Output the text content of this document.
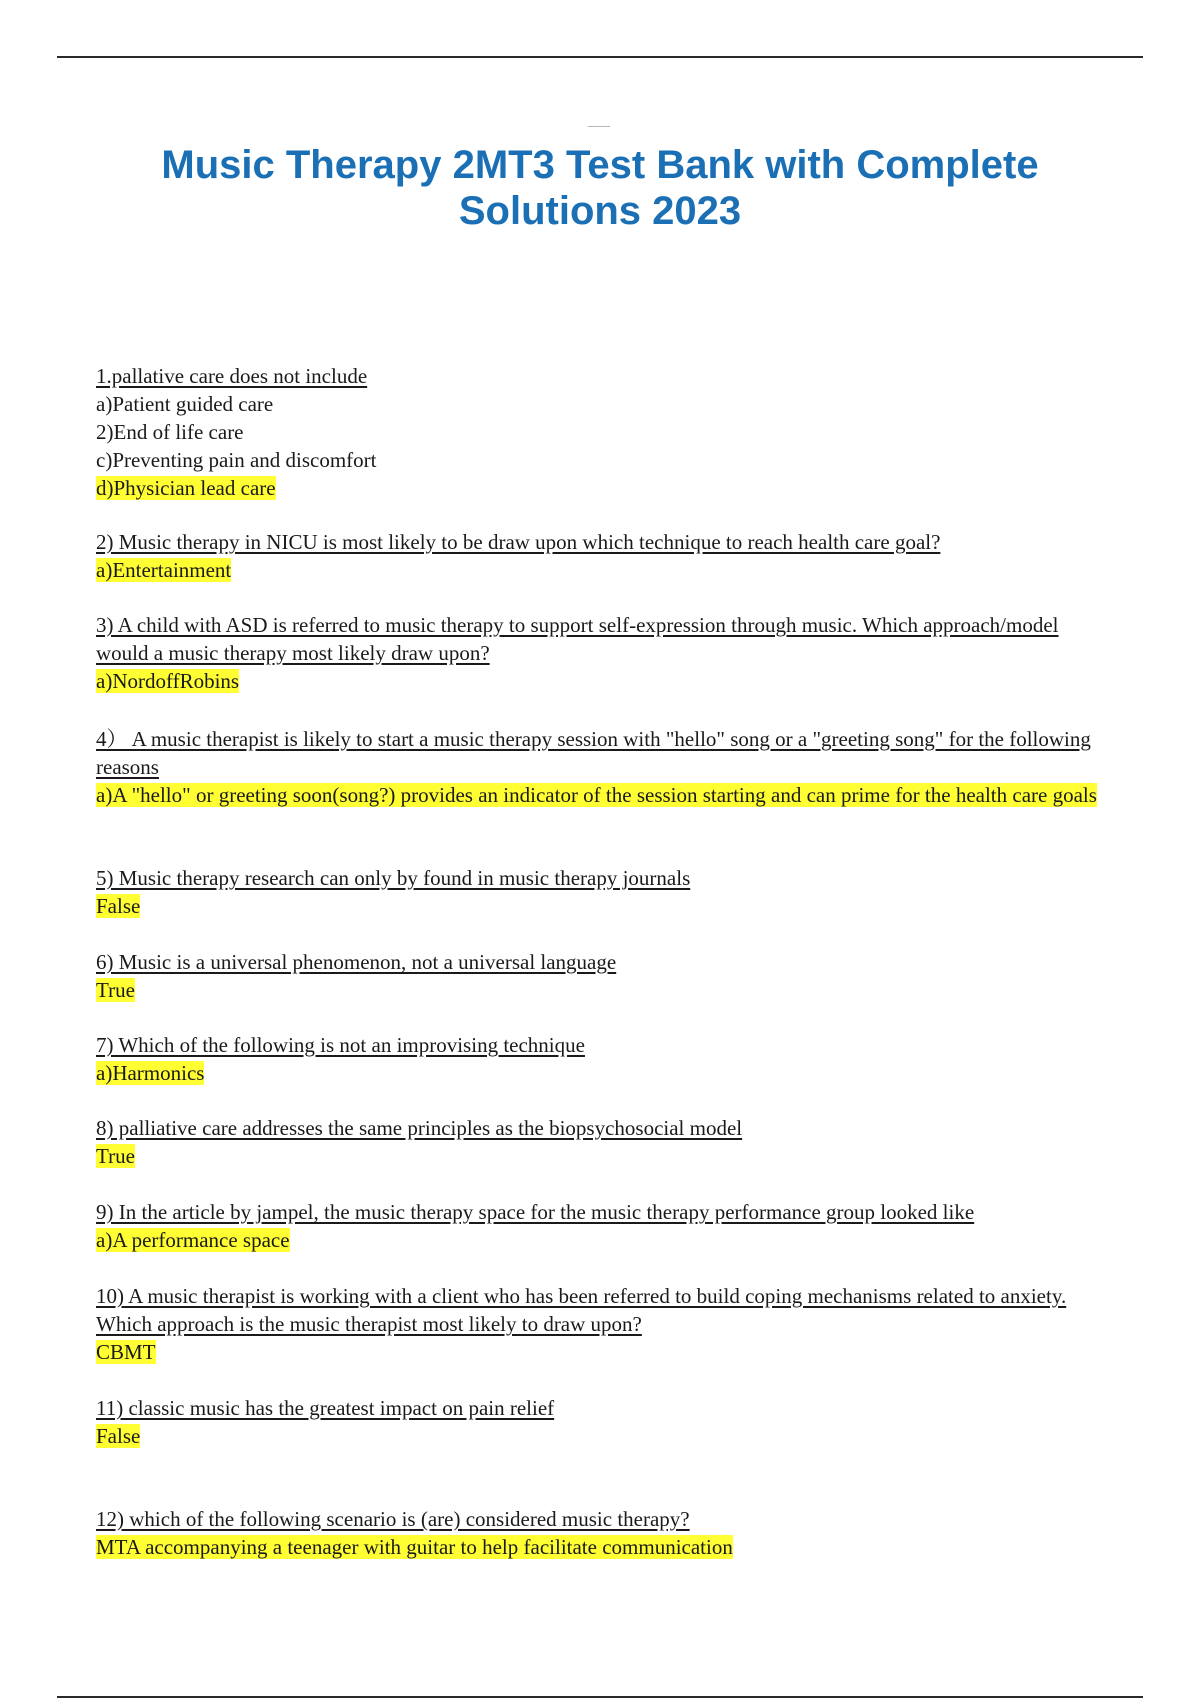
Music Therapy 2MT3 Test Bank with Complete Solutions 2023
1.pallative care does not include
a)Patient guided care
2)End of life care
c)Preventing pain and discomfort
d)Physician lead care
2) Music therapy in NICU is most likely to be draw upon which technique to reach health care goal?
a)Entertainment
3) A child with ASD is referred to music therapy to support self-expression through music. Which approach/model would a music therapy most likely draw upon?
a)NordoffRobins
4） A music therapist is likely to start a music therapy session with "hello" song or a "greeting song" for the following reasons
a)A "hello" or greeting soon(song?) provides an indicator of the session starting and can prime for the health care goals
5) Music therapy research can only by found in music therapy journals
False
6) Music is a universal phenomenon, not a universal language
True
7) Which of the following is not an improvising technique
a)Harmonics
8) palliative care addresses the same principles as the biopsychosocial model
True
9) In the article by jampel, the music therapy space for the music therapy performance group looked like
a)A performance space
10) A music therapist is working with a client who has been referred to build coping mechanisms related to anxiety. Which approach is the music therapist most likely to draw upon?
CBMT
11) classic music has the greatest impact on pain relief
False
12) which of the following scenario is (are) considered music therapy?
MTA accompanying a teenager with guitar to help facilitate communication
